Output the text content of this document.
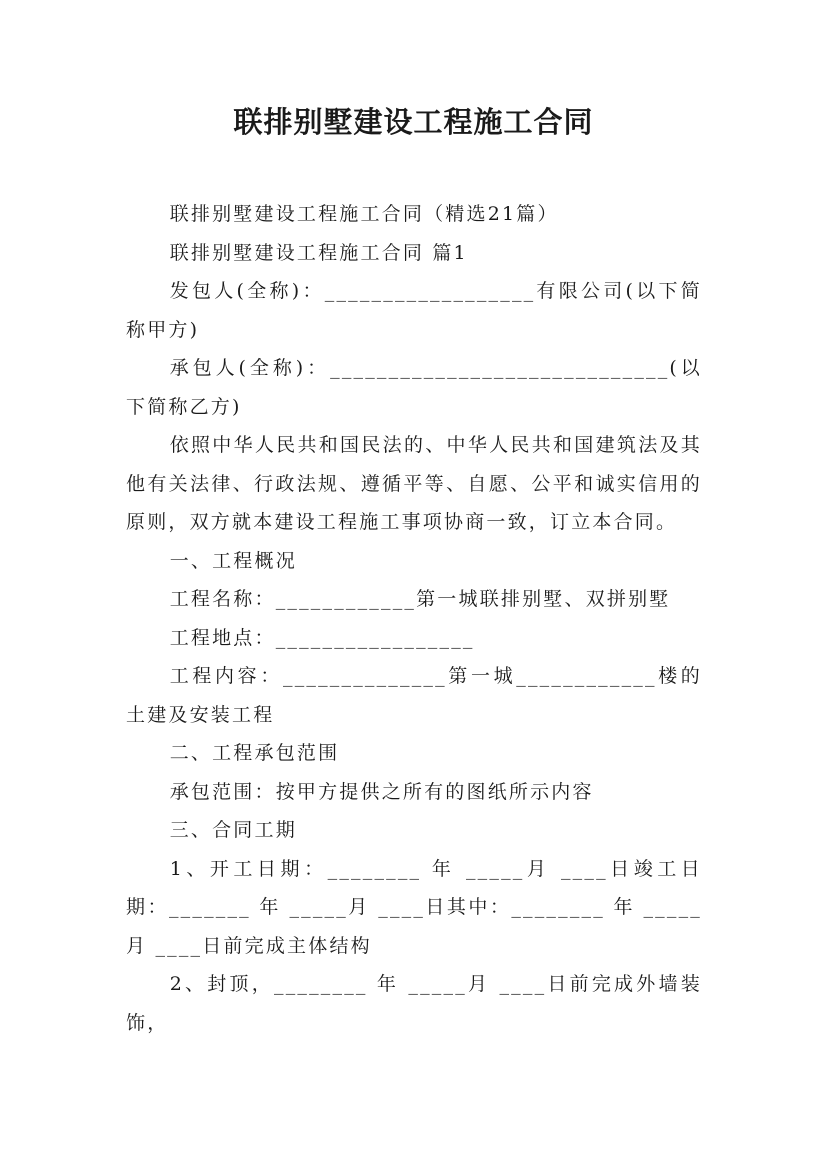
联排别墅建设工程施工合同

联排别墅建设工程施工合同（精选21篇）

联排别墅建设工程施工合同 篇1

发包人(全称)：__________________有限公司(以下简称甲方)

承包人(全称)：_____________________________(以下简称乙方)

依照中华人民共和国民法的、中华人民共和国建筑法及其他有关法律、行政法规、遵循平等、自愿、公平和诚实信用的原则，双方就本建设工程施工事项协商一致，订立本合同。

一、工程概况

工程名称：____________第一城联排别墅、双拼别墅

工程地点：_________________

工程内容：______________第一城____________楼的土建及安装工程

二、工程承包范围

承包范围：按甲方提供之所有的图纸所示内容

三、合同工期

1、开工日期：________ 年 _____月 ____日竣工日期：_______ 年 _____月 ____日其中：________ 年 _____月 ____日前完成主体结构

2、封顶，________ 年 _____月 ____日前完成外墙装饰，
